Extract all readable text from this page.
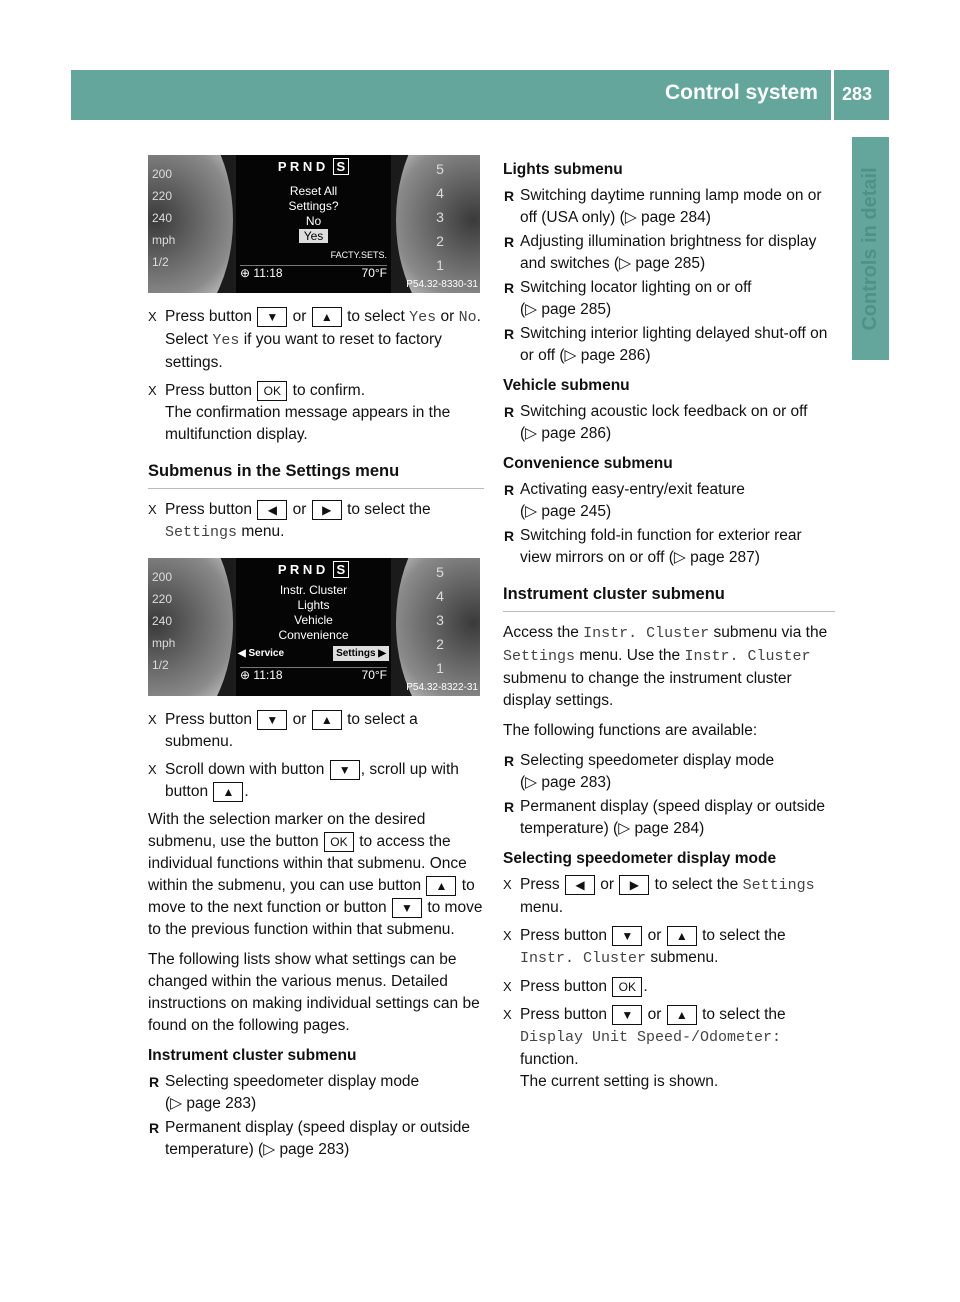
Control system 283
Controls in detail
200
220
240
mph
1/2
5
4
3
2
1
P R N D S
Reset All
Settings?
No
Yes
FACTY.SETS.
⊕ 11:18	70°F
P54.32-8330-31
X Press button ▼ or ▲ to select Yes or No. Select Yes if you want to reset to factory settings.
X Press button OK to confirm.
The confirmation message appears in the multifunction display.
Submenus in the Settings menu
X Press button ◀ or ▶ to select the Settings menu.
200
220
240
mph
1/2
5
4
3
2
1
P R N D S
Instr. Cluster
Lights
Vehicle
Convenience
◀ Service	Settings ▶
⊕ 11:18	70°F
P54.32-8322-31
X Press button ▼ or ▲ to select a submenu.
X Scroll down with button ▼ , scroll up with button ▲ .
With the selection marker on the desired submenu, use the button OK to access the individual functions within that submenu. Once within the submenu, you can use button ▲ to move to the next function or button ▼ to move to the previous function within that submenu.
The following lists show what settings can be changed within the various menus. Detailed instructions on making individual settings can be found on the following pages.
Instrument cluster submenu
R Selecting speedometer display mode
(▷ page 283 )
R Permanent display (speed display or outside temperature) (▷ page 283 )
Lights submenu
R Switching daytime running lamp mode on or off (USA only) (▷ page 284 )
R Adjusting illumination brightness for display and switches (▷ page 285 )
R Switching locator lighting on or off
(▷ page 285 )
R Switching interior lighting delayed shut-off on or off (▷ page 286 )
Vehicle submenu
R Switching acoustic lock feedback on or off
(▷ page 286 )
Convenience submenu
R Activating easy-entry/exit feature
(▷ page 245 )
R Switching fold-in function for exterior rear view mirrors on or off (▷ page 287 )
Instrument cluster submenu
Access the Instr. Cluster submenu via the Settings menu. Use the Instr. Cluster submenu to change the instrument cluster display settings.
The following functions are available:
R Selecting speedometer display mode
(▷ page 283 )
R Permanent display (speed display or outside temperature) (▷ page 284 )
Selecting speedometer display mode
X Press ◀ or ▶ to select the Settings menu.
X Press button ▼ or ▲ to select the Instr. Cluster submenu.
X Press button OK .
X Press button ▼ or ▲ to select the Display Unit Speed-/Odometer:
function.
The current setting is shown.
